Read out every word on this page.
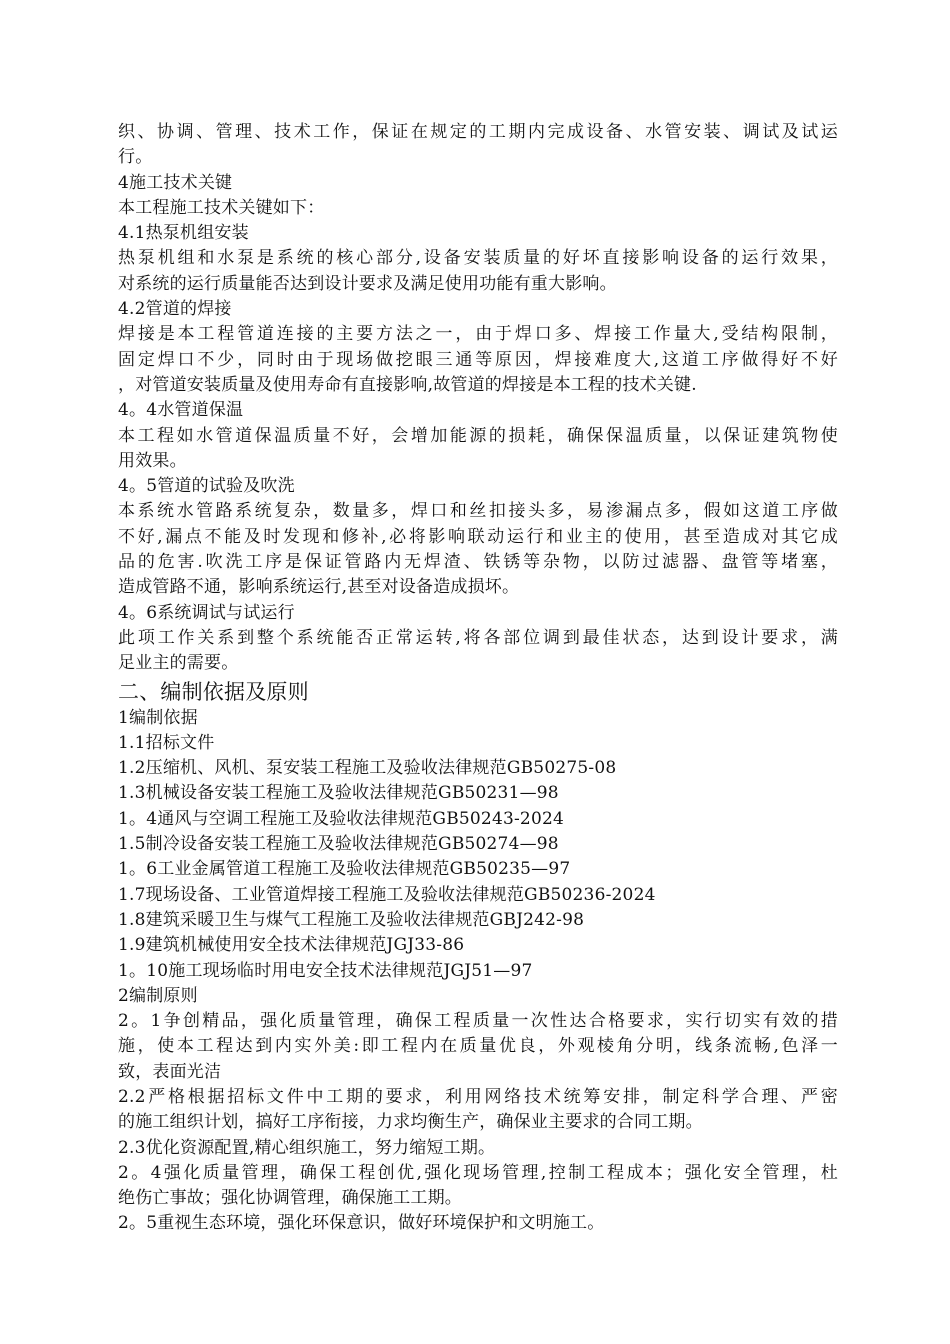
织、协调、管理、技术工作，保证在规定的工期内完成设备、水管安装、调试及试运
行。
4施工技术关键
本工程施工技术关键如下：
4.1热泵机组安装
热泵机组和水泵是系统的核心部分,设备安装质量的好坏直接影响设备的运行效果，
对系统的运行质量能否达到设计要求及满足使用功能有重大影响。
4.2管道的焊接
焊接是本工程管道连接的主要方法之一，由于焊口多、焊接工作量大,受结构限制，
固定焊口不少，同时由于现场做挖眼三通等原因，焊接难度大,这道工序做得好不好
，对管道安装质量及使用寿命有直接影响,故管道的焊接是本工程的技术关键.
4。4水管道保温
本工程如水管道保温质量不好，会增加能源的损耗，确保保温质量，以保证建筑物使
用效果。
4。5管道的试验及吹洗
本系统水管路系统复杂，数量多，焊口和丝扣接头多，易渗漏点多，假如这道工序做
不好,漏点不能及时发现和修补,必将影响联动运行和业主的使用，甚至造成对其它成
品的危害.吹洗工序是保证管路内无焊渣、铁锈等杂物，以防过滤器、盘管等堵塞，
造成管路不通，影响系统运行,甚至对设备造成损坏。
4。6系统调试与试运行
此项工作关系到整个系统能否正常运转,将各部位调到最佳状态，达到设计要求，满
足业主的需要。
二、编制依据及原则
1编制依据
1.1招标文件
1.2压缩机、风机、泵安装工程施工及验收法律规范GB50275-08
1.3机械设备安装工程施工及验收法律规范GB50231—98
1。4通风与空调工程施工及验收法律规范GB50243-2024
1.5制冷设备安装工程施工及验收法律规范GB50274—98
1。6工业金属管道工程施工及验收法律规范GB50235—97
1.7现场设备、工业管道焊接工程施工及验收法律规范GB50236-2024
1.8建筑采暖卫生与煤气工程施工及验收法律规范GBJ242-98
1.9建筑机械使用安全技术法律规范JGJ33-86
1。10施工现场临时用电安全技术法律规范JGJ51—97
2编制原则
2。1争创精品，强化质量管理，确保工程质量一次性达合格要求，实行切实有效的措
施，使本工程达到内实外美:即工程内在质量优良，外观棱角分明，线条流畅,色泽一
致，表面光洁
2.2严格根据招标文件中工期的要求，利用网络技术统筹安排，制定科学合理、严密
的施工组织计划，搞好工序衔接，力求均衡生产，确保业主要求的合同工期。
2.3优化资源配置,精心组织施工，努力缩短工期。
2。4强化质量管理，确保工程创优,强化现场管理,控制工程成本；强化安全管理，杜
绝伤亡事故；强化协调管理，确保施工工期。
2。5重视生态环境，强化环保意识，做好环境保护和文明施工。
